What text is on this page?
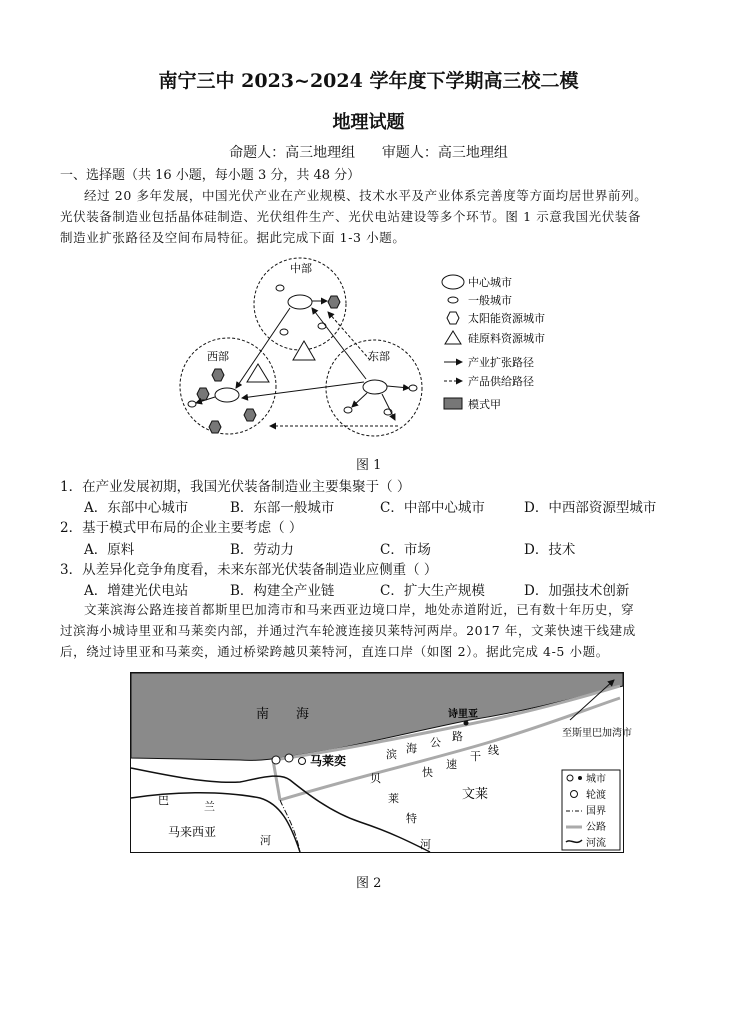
南宁三中 2023~2024 学年度下学期高三校二模
地理试题
命题人：高三地理组      审题人：高三地理组
一、选择题（共 16 小题，每小题 3 分，共 48 分）
经过 20 多年发展，中国光伏产业在产业规模、技术水平及产业体系完善度等方面均居世界前列。
光伏装备制造业包括晶体硅制造、光伏组件生产、光伏电站建设等多个环节。图 1 示意我国光伏装备
制造业扩张路径及空间布局特征。据此完成下面 1-3 小题。
中部
西部	东部
中心城市
一般城市
太阳能资源城市
硅原料资源城市
产业扩张路径
产品供给路径
模式甲
图 1
1．在产业发展初期，我国光伏装备制造业主要集聚于（ ）
A．东部中心城市	B．东部一般城市	C．中部中心城市	D．中西部资源型城市
2．基于模式甲布局的企业主要考虑（ ）
A．原料	B．劳动力	C．市场	D．技术
3．从差异化竞争角度看，未来东部光伏装备制造业应侧重（ ）
A．增建光伏电站	B．构建全产业链	C．扩大生产规模	D．加强技术创新
文莱滨海公路连接首都斯里巴加湾市和马来西亚边境口岸，地处赤道附近，已有数十年历史，穿
过滨海小城诗里亚和马莱奕内部，并通过汽车轮渡连接贝莱特河两岸。2017 年，文莱快速干线建成
后，绕过诗里亚和马莱奕，通过桥梁跨越贝莱特河，直连口岸（如图 2）。据此完成 4-5 小题。
南 海	诗里亚
马莱奕
至斯里巴加湾市
滨 海 公 路
快
速
干 线
文莱
贝
莱
特
河
巴	兰
河
马来西亚
城市
轮渡
国界
公路
河流
图 2
